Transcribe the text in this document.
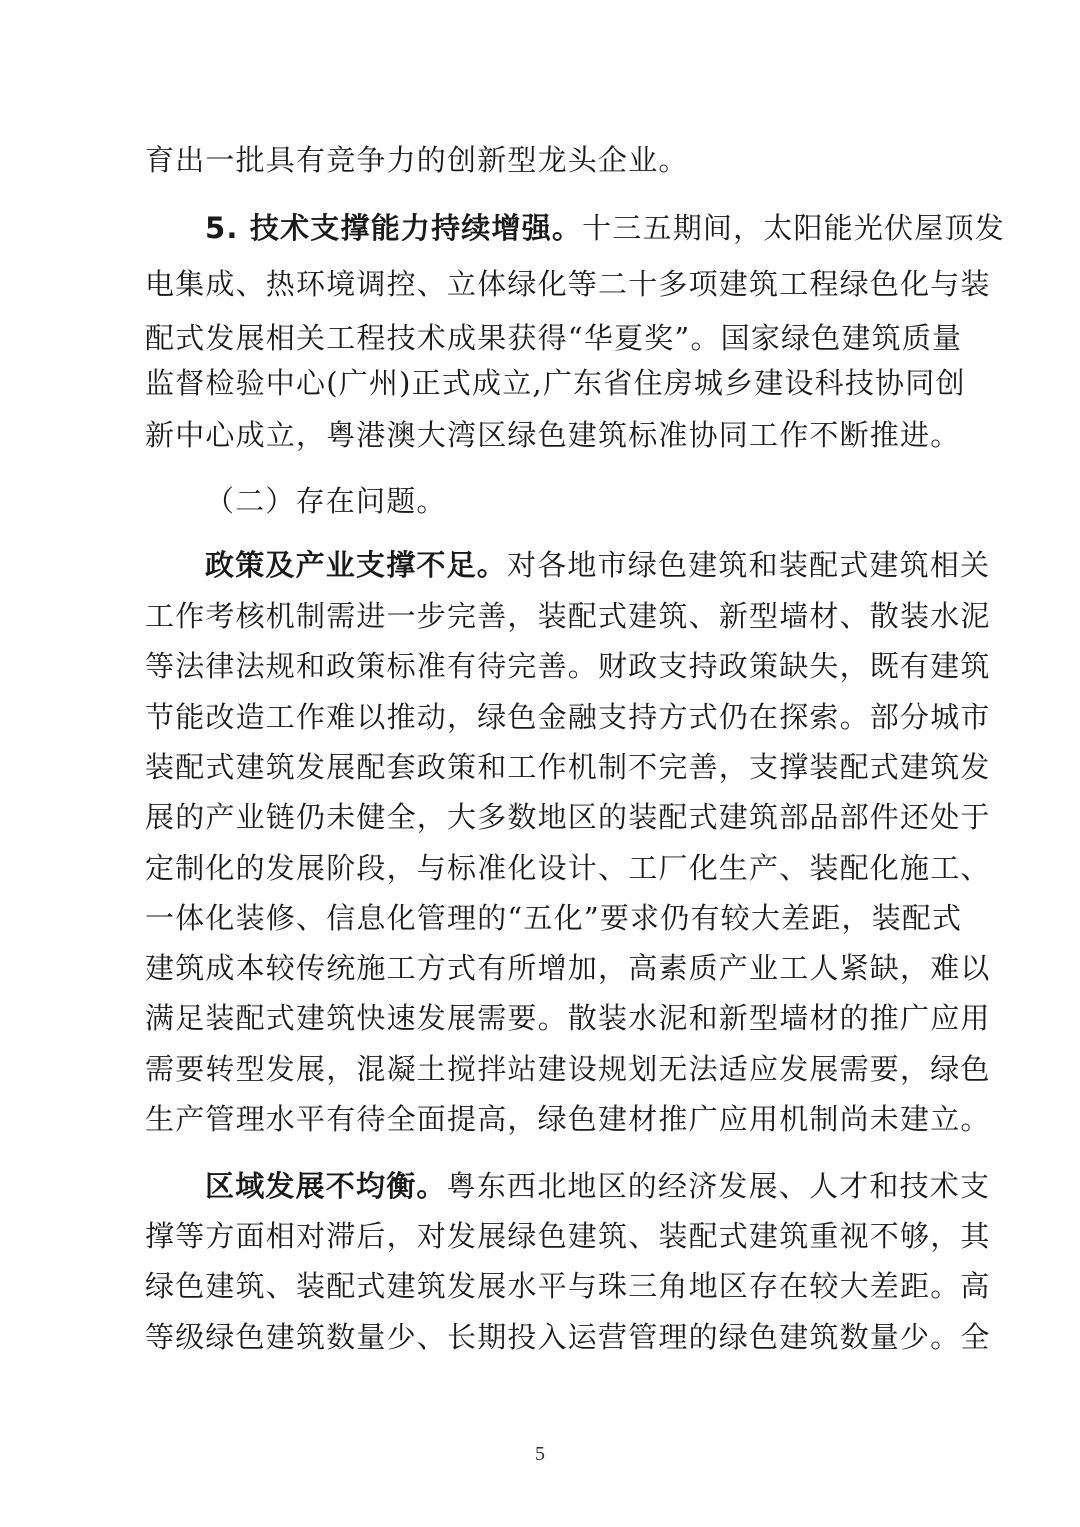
育出一批具有竞争力的创新型龙头企业。
5. 技术支撑能力持续增强。十三五期间，太阳能光伏屋顶发
电集成、热环境调控、立体绿化等二十多项建筑工程绿色化与装
配式发展相关工程技术成果获得“华夏奖”。国家绿色建筑质量
监督检验中心(广州)正式成立,广东省住房城乡建设科技协同创
新中心成立，粤港澳大湾区绿色建筑标准协同工作不断推进。
（二）存在问题。
政策及产业支撑不足。对各地市绿色建筑和装配式建筑相关
工作考核机制需进一步完善，装配式建筑、新型墙材、散装水泥
等法律法规和政策标准有待完善。财政支持政策缺失，既有建筑
节能改造工作难以推动，绿色金融支持方式仍在探索。部分城市
装配式建筑发展配套政策和工作机制不完善，支撑装配式建筑发
展的产业链仍未健全，大多数地区的装配式建筑部品部件还处于
定制化的发展阶段，与标准化设计、工厂化生产、装配化施工、
一体化装修、信息化管理的“五化”要求仍有较大差距，装配式
建筑成本较传统施工方式有所增加，高素质产业工人紧缺，难以
满足装配式建筑快速发展需要。散装水泥和新型墙材的推广应用
需要转型发展，混凝土搅拌站建设规划无法适应发展需要，绿色
生产管理水平有待全面提高，绿色建材推广应用机制尚未建立。
区域发展不均衡。粤东西北地区的经济发展、人才和技术支
撑等方面相对滞后，对发展绿色建筑、装配式建筑重视不够，其
绿色建筑、装配式建筑发展水平与珠三角地区存在较大差距。高
等级绿色建筑数量少、长期投入运营管理的绿色建筑数量少。全
5
